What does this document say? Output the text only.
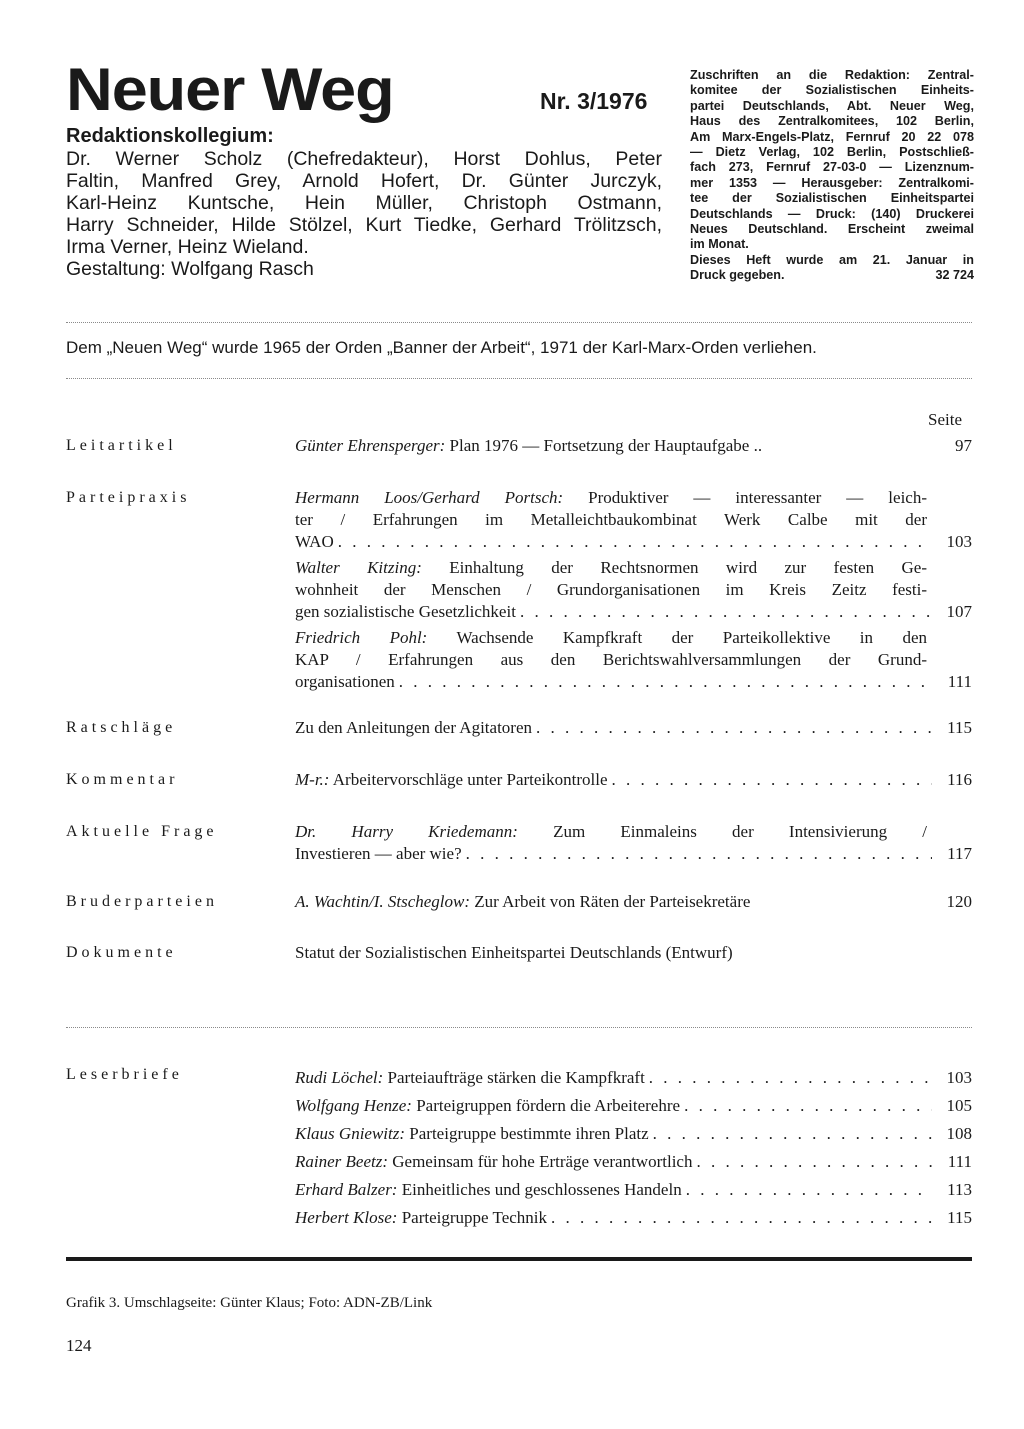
Neuer Weg	Nr. 3/1976
Redaktionskollegium:
Dr. Werner Scholz (Chefredakteur), Horst Dohlus, Peter
Faltin, Manfred Grey, Arnold Hofert, Dr. Günter Jurczyk,
Karl-Heinz Kuntsche, Hein Müller, Christoph Ostmann,
Harry Schneider, Hilde Stölzel, Kurt Tiedke, Gerhard Trölitzsch,
Irma Verner, Heinz Wieland.
Gestaltung: Wolfgang Rasch
Zuschriften an die Redaktion: Zentral-
komitee der Sozialistischen Einheits-
partei Deutschlands, Abt. Neuer Weg,
Haus des Zentralkomitees, 102 Berlin,
Am Marx-Engels-Platz, Fernruf 20 22 078
— Dietz Verlag, 102 Berlin, Postschließ-
fach 273, Fernruf 27-03-0 — Lizenznum-
mer 1353 — Herausgeber: Zentralkomi-
tee der Sozialistischen Einheitspartei
Deutschlands — Druck: (140) Druckerei
Neues Deutschland. Erscheint zweimal
im Monat.
Dieses Heft wurde am 21. Januar in
Druck gegeben.	32 724
Dem „Neuen Weg“ wurde 1965 der Orden „Banner der Arbeit“, 1971 der Karl-Marx-Orden verliehen.
Seite
Leitartikel	Günter Ehrensperger: Plan 1976 — Fortsetzung der Hauptaufgabe ..	97
Parteipraxis	Hermann Loos/Gerhard Portsch: Produktiver — interessanter — leich-
ter / Erfahrungen im Metalleichtbaukombinat Werk Calbe mit der
WAO . . .	103
Walter Kitzing: Einhaltung der Rechtsnormen wird zur festen Ge-
wohnheit der Menschen / Grundorganisationen im Kreis Zeitz festi-
gen sozialistische Gesetzlichkeit . . .	107
Friedrich Pohl: Wachsende Kampfkraft der Parteikollektive in den
KAP / Erfahrungen aus den Berichtswahlversammlungen der Grund-
organisationen . . .	111
Ratschläge	Zu den Anleitungen der Agitatoren . . .	115
Kommentar	M-r.: Arbeitervorschläge unter Parteikontrolle . . .	116
Aktuelle Frage	Dr. Harry Kriedemann: Zum Einmaleins der Intensivierung /
Investieren — aber wie? . . .	117
Bruderparteien	A. Wachtin/I. Stscheglow: Zur Arbeit von Räten der Parteisekretäre	120
Dokumente	Statut der Sozialistischen Einheitspartei Deutschlands (Entwurf)
Leserbriefe	Rudi Löchel: Parteiaufträge stärken die Kampfkraft . . .	103
Wolfgang Henze: Parteigruppen fördern die Arbeiterehre . . .	105
Klaus Gniewitz: Parteigruppe bestimmte ihren Platz . . .	108
Rainer Beetz: Gemeinsam für hohe Erträge verantwortlich . . .	111
Erhard Balzer: Einheitliches und geschlossenes Handeln . . .	113
Herbert Klose: Parteigruppe Technik . . .	115
Grafik 3. Umschlagseite: Günter Klaus; Foto: ADN-ZB/Link
124
